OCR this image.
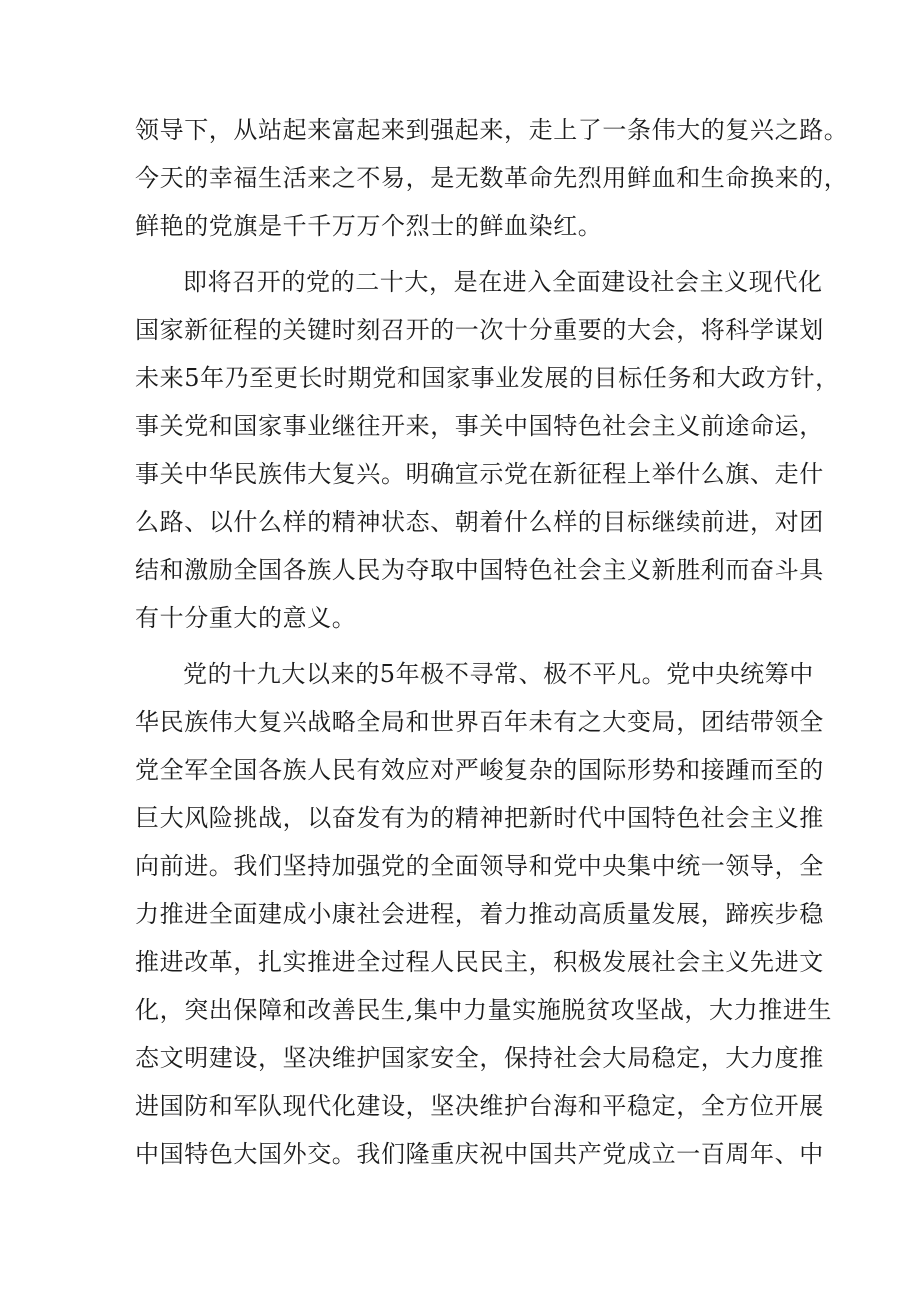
领导下，从站起来富起来到强起来，走上了一条伟大的复兴之路。
今天的幸福生活来之不易，是无数革命先烈用鲜血和生命换来的，
鲜艳的党旗是千千万万个烈士的鲜血染红。
即将召开的党的二十大，是在进入全面建设社会主义现代化
国家新征程的关键时刻召开的一次十分重要的大会，将科学谋划
未来5年乃至更长时期党和国家事业发展的目标任务和大政方针，
事关党和国家事业继往开来，事关中国特色社会主义前途命运，
事关中华民族伟大复兴。明确宣示党在新征程上举什么旗、走什
么路、以什么样的精神状态、朝着什么样的目标继续前进，对团
结和激励全国各族人民为夺取中国特色社会主义新胜利而奋斗具
有十分重大的意义。
党的十九大以来的5年极不寻常、极不平凡。党中央统筹中
华民族伟大复兴战略全局和世界百年未有之大变局，团结带领全
党全军全国各族人民有效应对严峻复杂的国际形势和接踵而至的
巨大风险挑战，以奋发有为的精神把新时代中国特色社会主义推
向前进。我们坚持加强党的全面领导和党中央集中统一领导，全
力推进全面建成小康社会进程，着力推动高质量发展，蹄疾步稳
推进改革，扎实推进全过程人民民主，积极发展社会主义先进文
化，突出保障和改善民生,集中力量实施脱贫攻坚战，大力推进生
态文明建设，坚决维护国家安全，保持社会大局稳定，大力度推
进国防和军队现代化建设，坚决维护台海和平稳定，全方位开展
中国特色大国外交。我们隆重庆祝中国共产党成立一百周年、中
